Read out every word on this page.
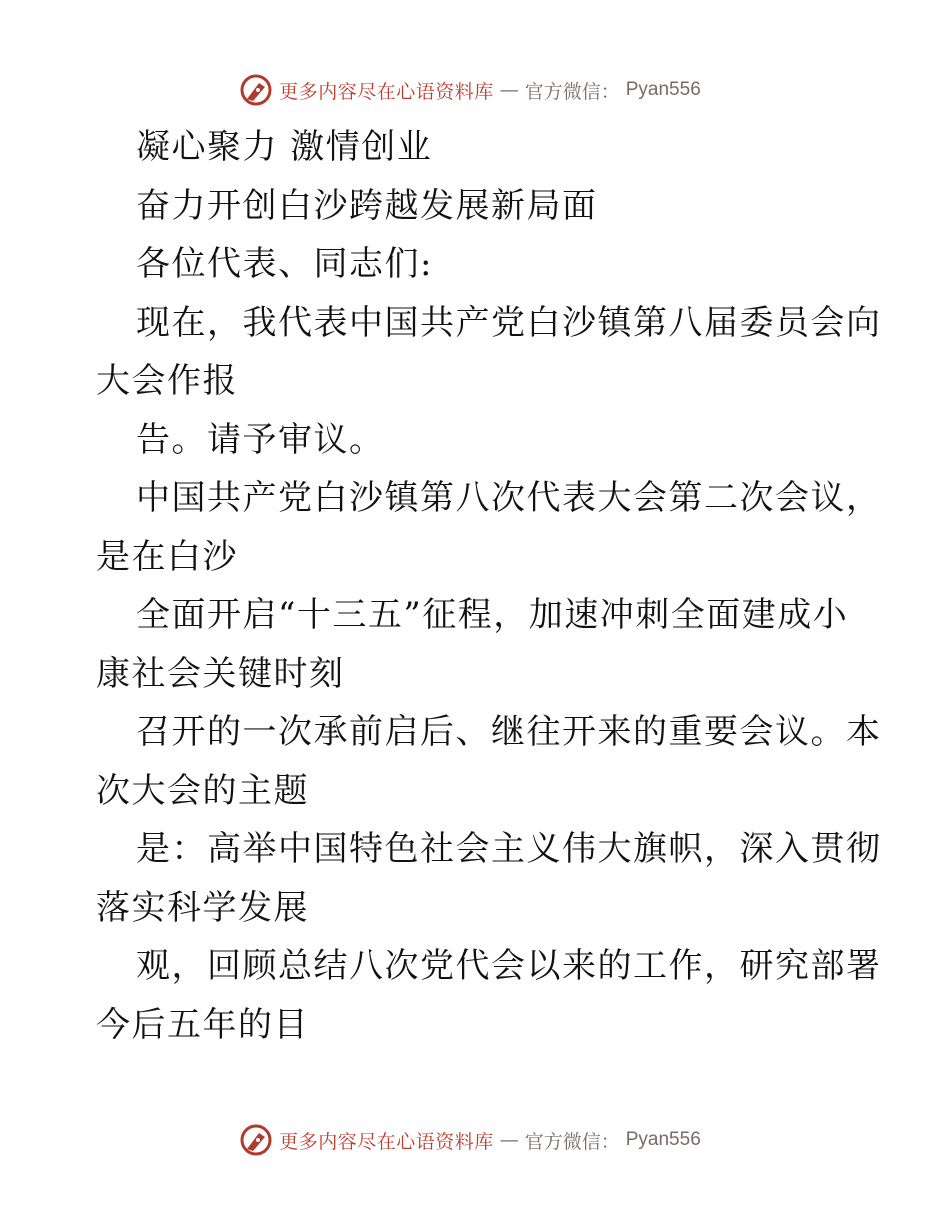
更多内容尽在心语资料库 — 官方微信： Pyan556
凝心聚力 激情创业
奋力开创白沙跨越发展新局面
各位代表、同志们:
现在，我代表中国共产党白沙镇第八届委员会向
大会作报
告。请予审议。
中国共产党白沙镇第八次代表大会第二次会议，
是在白沙
全面开启“十三五”征程，加速冲刺全面建成小
康社会关键时刻
召开的一次承前启后、继往开来的重要会议。本
次大会的主题
是：高举中国特色社会主义伟大旗帜，深入贯彻
落实科学发展
观，回顾总结八次党代会以来的工作，研究部署
今后五年的目
更多内容尽在心语资料库 — 官方微信： Pyan556
